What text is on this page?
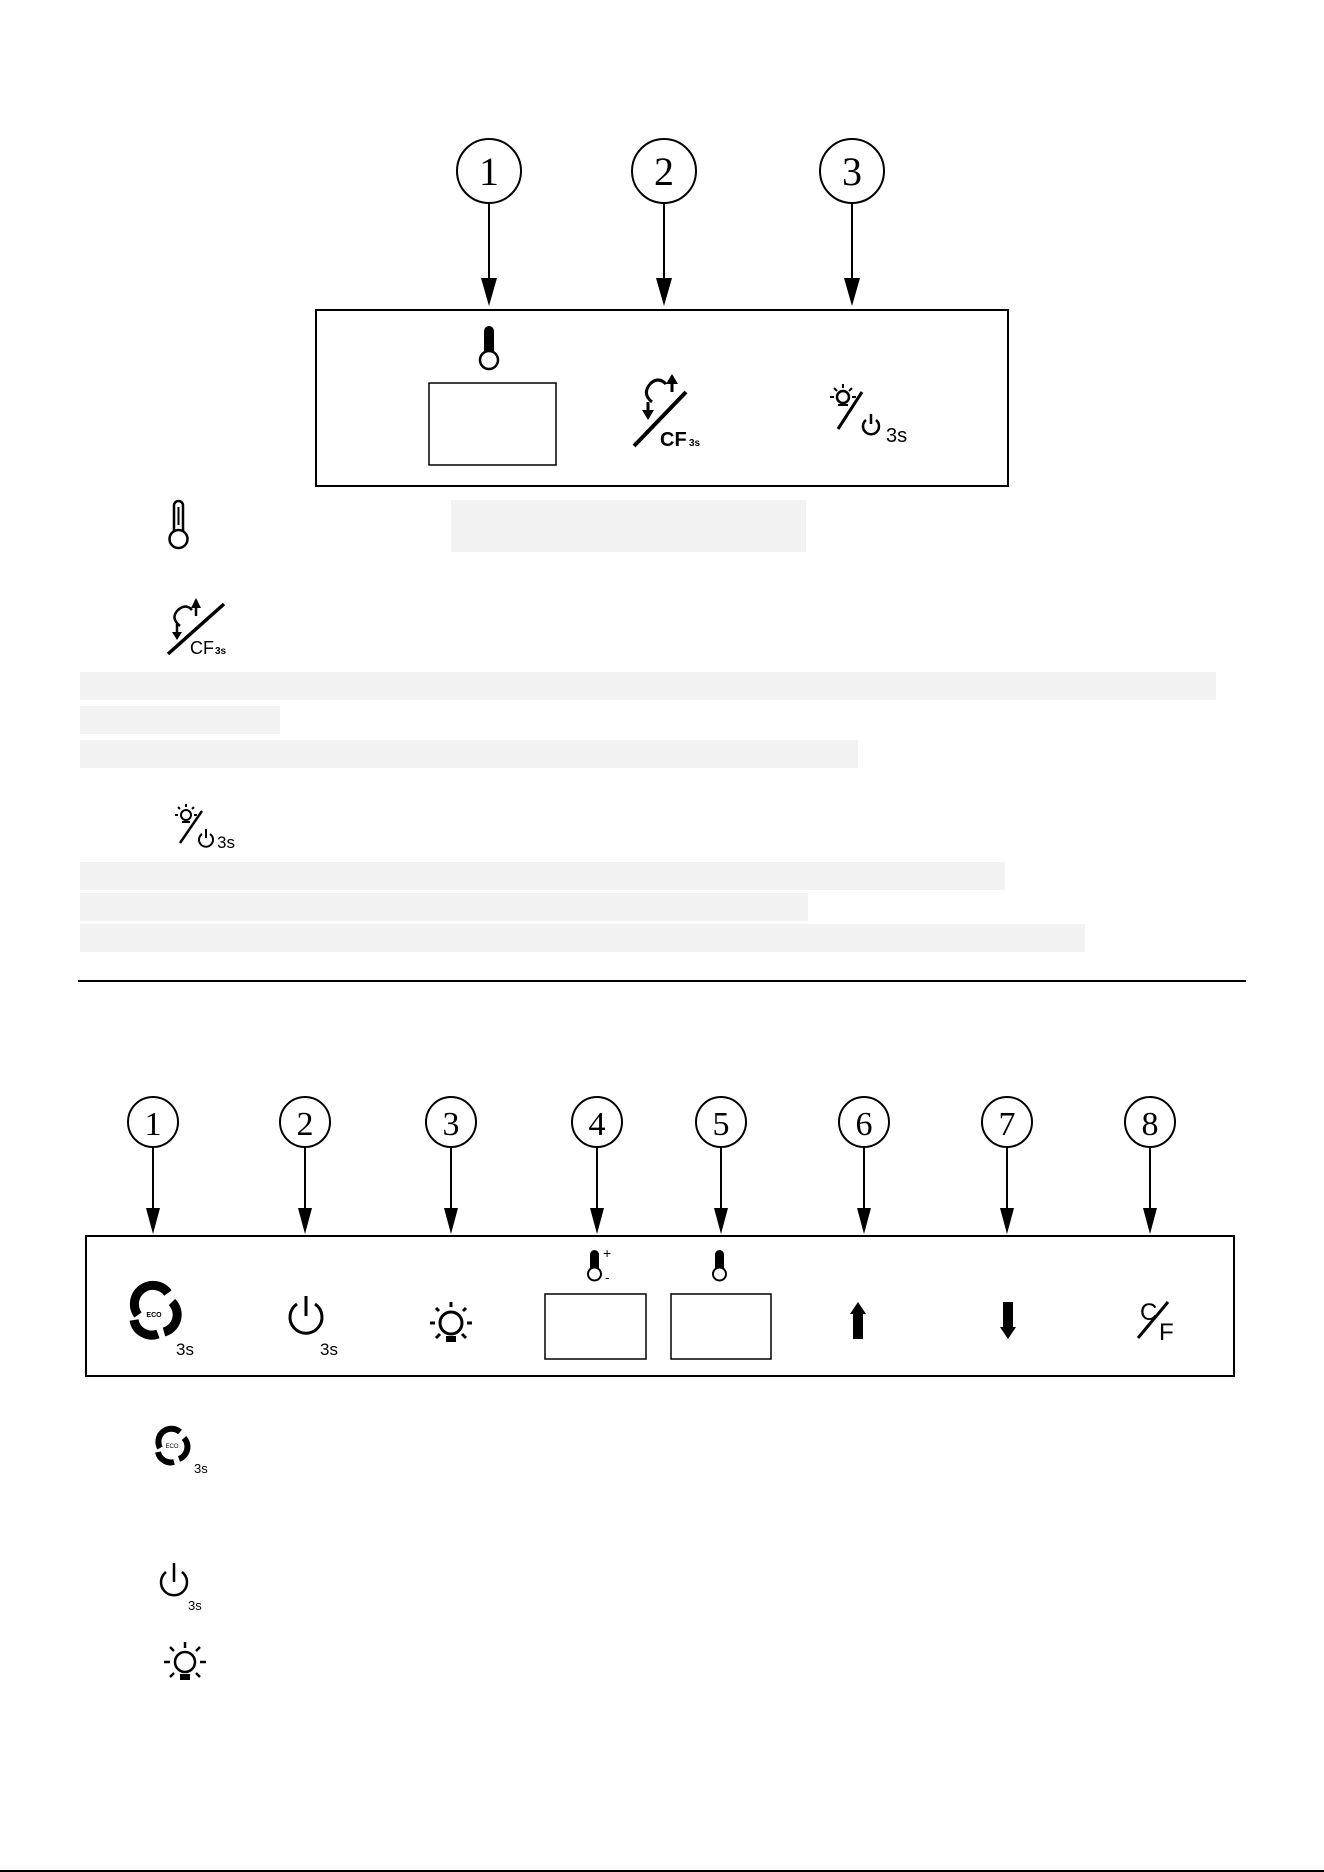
1	2	3
CF 3s	3s
CF 3s
3s
1	2	3	4	5	6	7	8
ECO
3s	3s
+
-
C
F
ECO
3s
3s
